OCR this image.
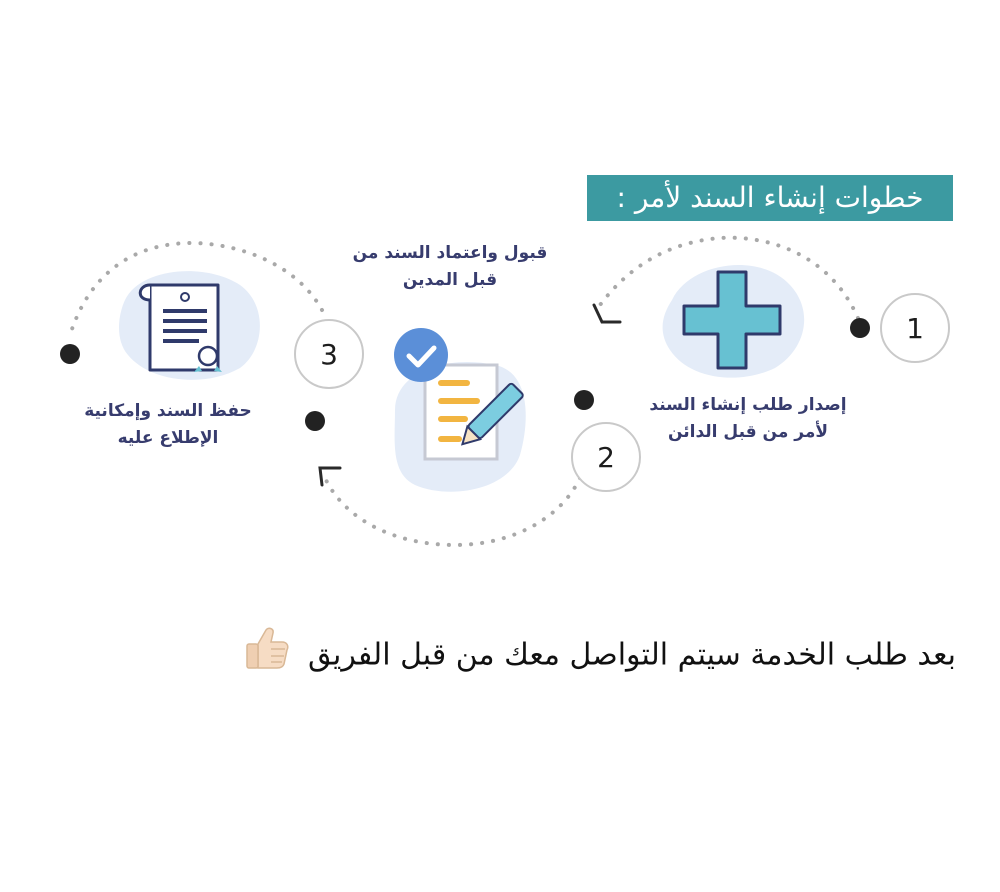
1
2
3
خطوات إنشاء السند لأمر :
إصدار طلب إنشاء السند
لأمر من قبل الدائن
قبول واعتماد السند من
قبل المدين
حفظ السند وإمكانية
الإطلاع عليه
بعد طلب الخدمة سيتم التواصل معك من قبل الفريق
